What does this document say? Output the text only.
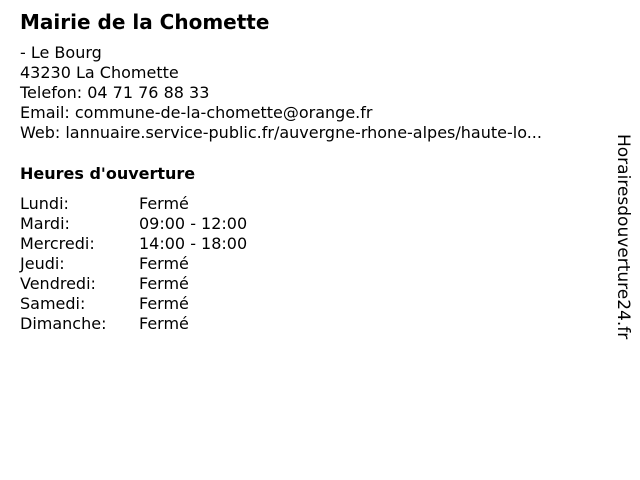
Mairie de la Chomette
- Le Bourg
43230 La Chomette
Telefon: 04 71 76 88 33
Email: commune-de-la-chomette@orange.fr
Web: lannuaire.service-public.fr/auvergne-rhone-alpes/haute-lo...
Heures d'ouverture
Lundi:	Fermé
Mardi:	09:00 - 12:00
Mercredi:	14:00 - 18:00
Jeudi:	Fermé
Vendredi:	Fermé
Samedi:	Fermé
Dimanche: Fermé	Horairesdouverture24.fr
